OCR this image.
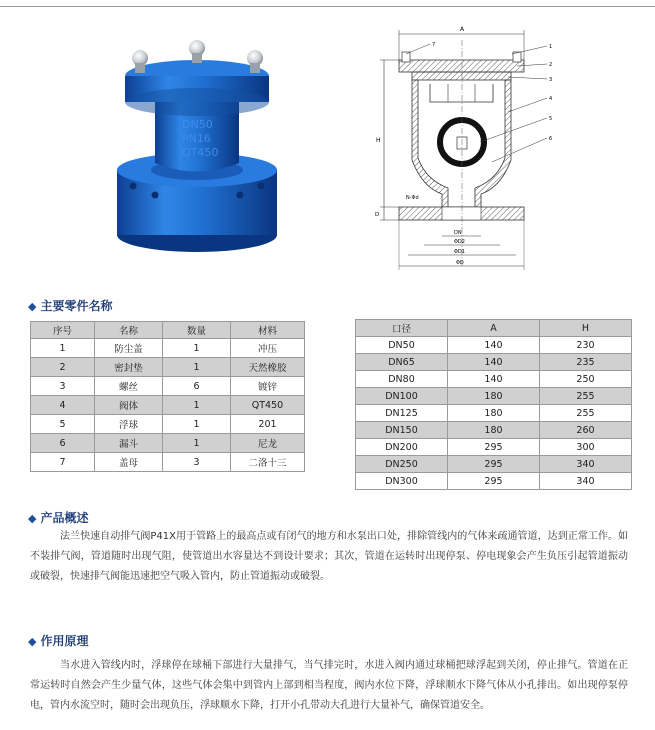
DN50
PN16
QT450
A
H
D
N-Φd
DN
ΦD2
ΦD1
ΦD
1
2
3
4
5
6
7
◆ 主要零件名称
序号	名称	数量	材料
1	防尘盖	1	冲压
2	密封垫	1	天然橡胶
3	螺丝	6	镀锌
4	阀体	1	QT450
5	浮球	1	201
6	漏斗	1	尼龙
7	盖母	3	二洛十三
口径	A	H
DN50	140	230
DN65	140	235
DN80	140	250
DN100	180	255
DN125	180	255
DN150	180	260
DN200	295	300
DN250	295	340
DN300	295	340
◆ 产品概述

法兰快速自动排气阀P41X用于管路上的最高点或有闭气的地方和水泵出口处，排除管线内的气体来疏通管道，达到正常工作。如不装排气阀，管道随时出现气阻，使管道出水容量达不到设计要求；其次，管道在运转时出现停泵、停电现象会产生负压引起管道振动或破裂，快速排气阀能迅速把空气吸入管内，防止管道振动或破裂。

◆ 作用原理

当水进入管线内时，浮球停在球桶下部进行大量排气，当气排完时，水进入阀内通过球桶把球浮起到关闭，停止排气。管道在正常运转时自然会产生少量气体，这些气体会集中到管内上部到相当程度，阀内水位下降，浮球顺水下降气体从小孔排出。如出现停泵停电，管内水流空时，随时会出现负压，浮球顺水下降，打开小孔带动大孔进行大量补气，确保管道安全。
